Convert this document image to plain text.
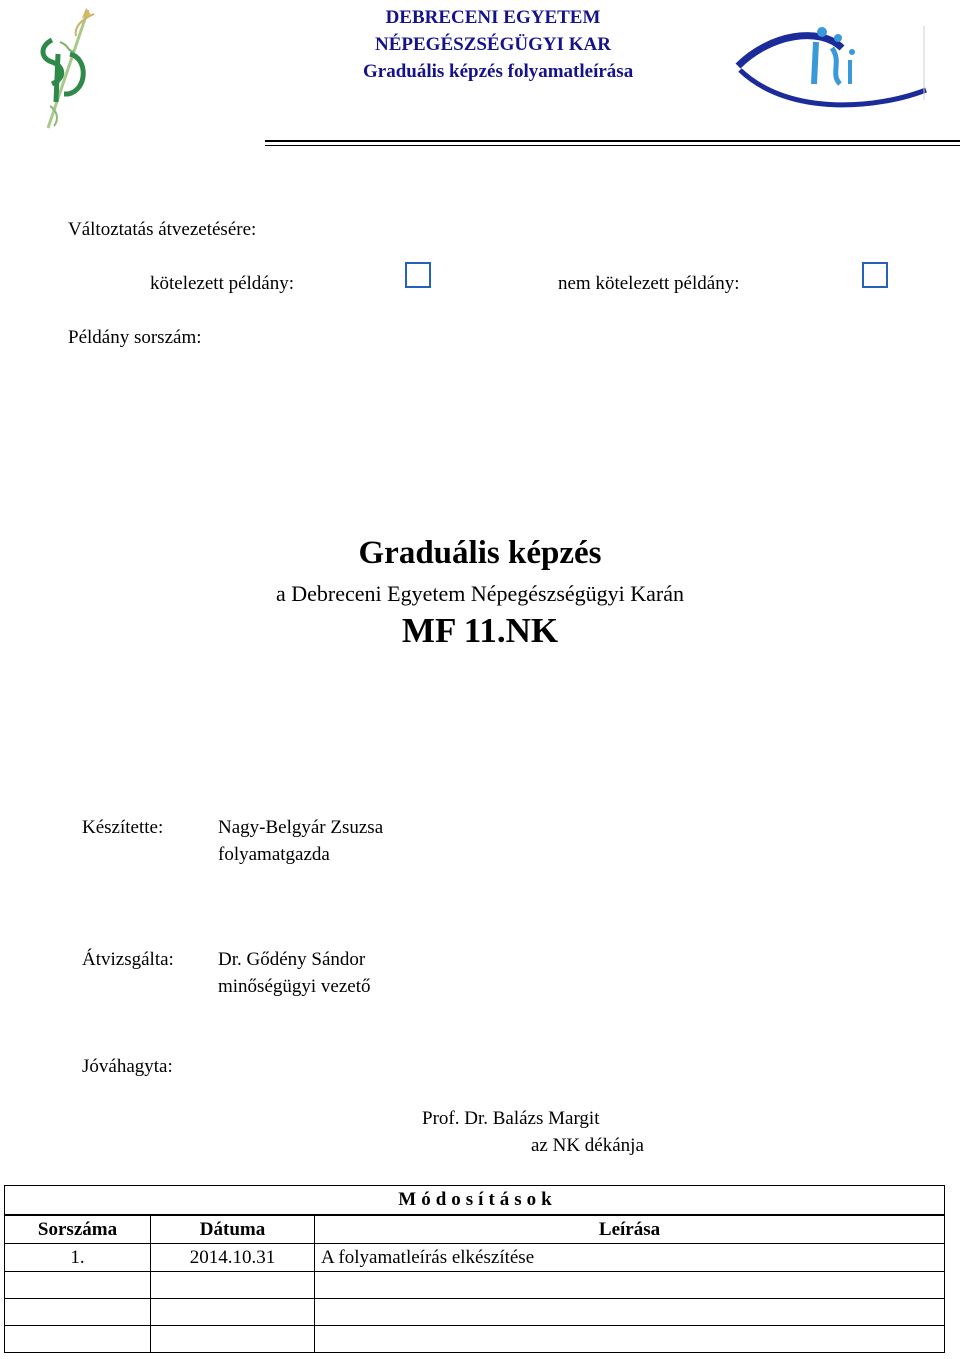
DEBRECENI EGYETEM
NÉPEGÉSZSÉGÜGYI KAR
Graduális képzés folyamatleírása
Változtatás átvezetésére:
kötelezett példány:	nem kötelezett példány:
Példány sorszám:
Graduális képzés
a Debreceni Egyetem Népegészségügyi Karán
MF 11.NK
Készítette:	Nagy-Belgyár Zsuzsa
folyamatgazda
Átvizsgálta: Dr. Gődény Sándor
minőségügyi vezető
Jóváhagyta:
Prof. Dr. Balázs Margit
az NK dékánja
Módosítások		
Sorszáma	Dátuma	Leírása
1.	2014.10.31	A folyamatleírás elkészítése
